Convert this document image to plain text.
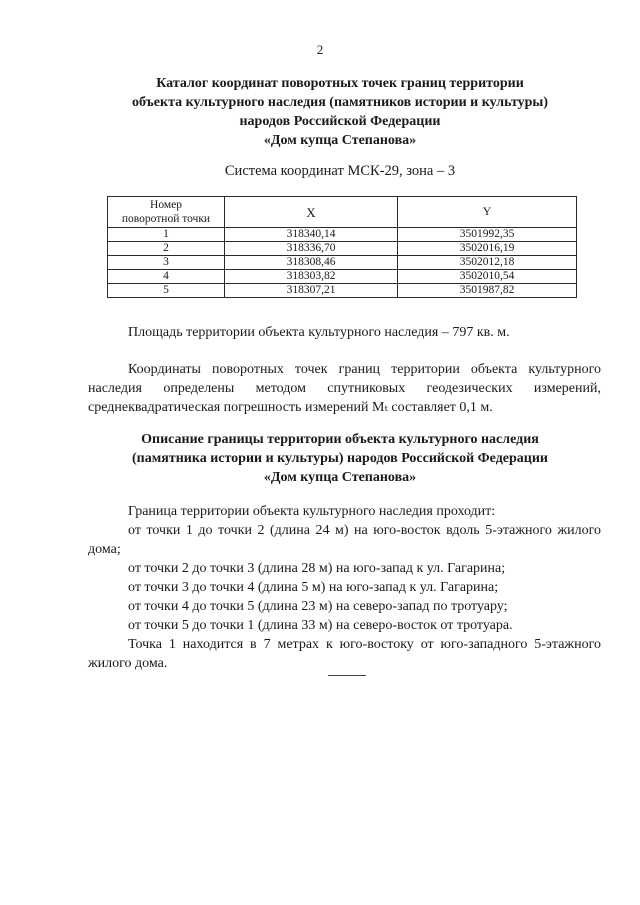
2
Каталог координат поворотных точек границ территории
объекта культурного наследия (памятников истории и культуры)
народов Российской Федерации
«Дом купца Степанова»
Система координат МСК-29, зона – 3
Номер
поворотной точки	X	Y
1	318340,14	3501992,35
2	318336,70	3502016,19
3	318308,46	3502012,18
4	318303,82	3502010,54
5	318307,21	3501987,82
Площадь территории объекта культурного наследия – 797 кв. м.
Координаты поворотных точек границ территории объекта культурного наследия определены методом спутниковых геодезических измерений, среднеквадратическая погрешность измерений Mₜ составляет 0,1 м.
Описание границы территории объекта культурного наследия
(памятника истории и культуры) народов Российской Федерации
«Дом купца Степанова»

Граница территории объекта культурного наследия проходит:

от точки 1 до точки 2 (длина 24 м) на юго-восток вдоль 5-этажного жилого дома;

от точки 2 до точки 3 (длина 28 м) на юго-запад к ул. Гагарина;

от точки 3 до точки 4 (длина 5 м) на юго-запад к ул. Гагарина;

от точки 4 до точки 5 (длина 23 м) на северо-запад по тротуару;

от точки 5 до точки 1 (длина 33 м) на северо-восток от тротуара.

Точка 1 находится в 7 метрах к юго-востоку от юго-западного 5-этажного жилого дома.
